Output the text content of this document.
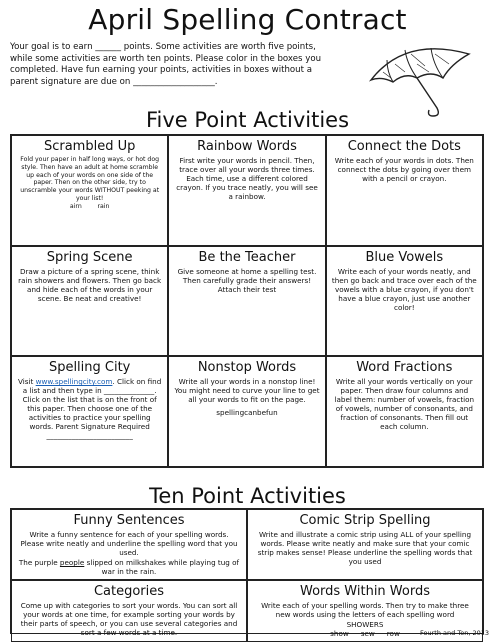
April Spelling Contract
Your goal is to earn ______ points. Some activities are worth five points, while some activities are worth ten points. Please color in the boxes you completed. Have fun earning your points, activities in boxes without a parent signature are due on ___________________.
Five Point Activities
Scrambled Up

Fold your paper in half long ways, or hot dog style. Then have an adult at home scramble up each of your words on one side of the paper. Then on the other side, try to unscramble your words WITHOUT peeking at your list!

airn        rain

Rainbow Words

First write your words in pencil. Then, trace over all your words three times. Each time, use a different colored crayon. If you trace neatly, you will see a rainbow.

Connect the Dots

Write each of your words in dots. Then connect the dots by going over them with a pencil or crayon.

Spring Scene

Draw a picture of a spring scene, think rain showers and flowers. Then go back and hide each of the words in your scene. Be neat and creative!

Be the Teacher

Give someone at home a spelling test. Then carefully grade their answers! Attach their test

Blue Vowels

Write each of your words neatly, and then go back and trace over each of the vowels with a blue crayon, if you don't have a blue crayon, just use another color!

Spelling City

Visit www.spellingcity.com. Click on find a list and then type in ______________. Click on the list that is on the front of this paper. Then choose one of the activities to practice your spelling words. Parent Signature Required

________________________

Nonstop Words

Write all your words in a nonstop line! You might need to curve your line to get all your words to fit on the page.

spellingcanbefun

Word Fractions

Write all your words vertically on your paper. Then draw four columns and label them: number of vowels, fraction of vowels, number of consonants, and fraction of consonants. Then fill out each column.

Ten Point Activities
Funny Sentences

Write a funny sentence for each of your spelling words. Please write neatly and underline the spelling word that you used.

The purple people slipped on milkshakes while playing tug of war in the rain.

Comic Strip Spelling

Write and illustrate a comic strip using ALL of your spelling words. Please write neatly and make sure that your comic strip makes sense! Please underline the spelling words that you used

Categories

Come up with categories to sort your words. You can sort all your words at one time, for example sorting your words by their parts of speech, or you can use several categories and sort a few words at a time.

Words Within Words

Write each of your spelling words. Then try to make three new words using the letters of each spelling word

SHOWERS

show sew row	Fourth and Ten, 2013
